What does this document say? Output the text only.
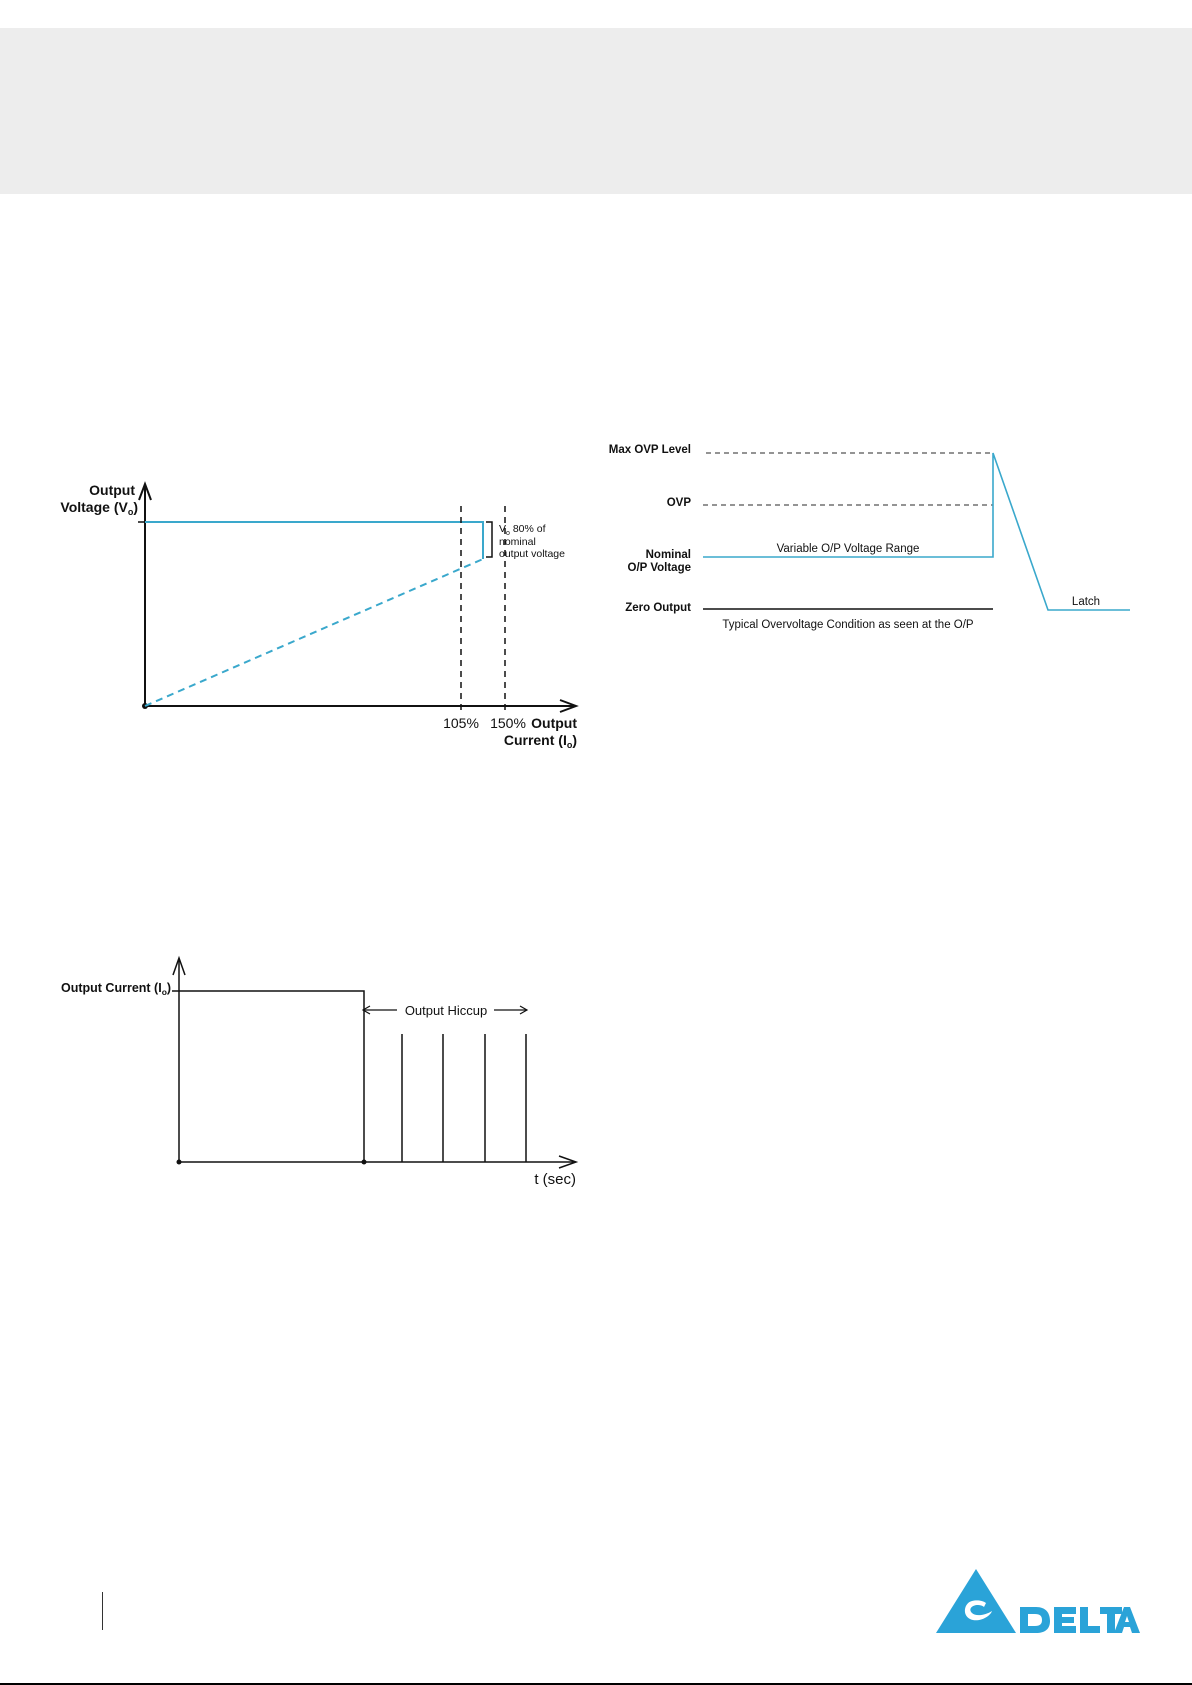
Output
Voltage $(V_o)$
$V_o$ 80% of
nominal
output voltage
105% 150% Output
Current $(I_o)$
Max OVP Level
OVP
Nominal
O/P Voltage
Zero Output
Variable O/P Voltage Range
Latch
Typical Overvoltage Condition as seen at the O/P
Output Hiccup
Output Current $(I_o)$
t (sec)
